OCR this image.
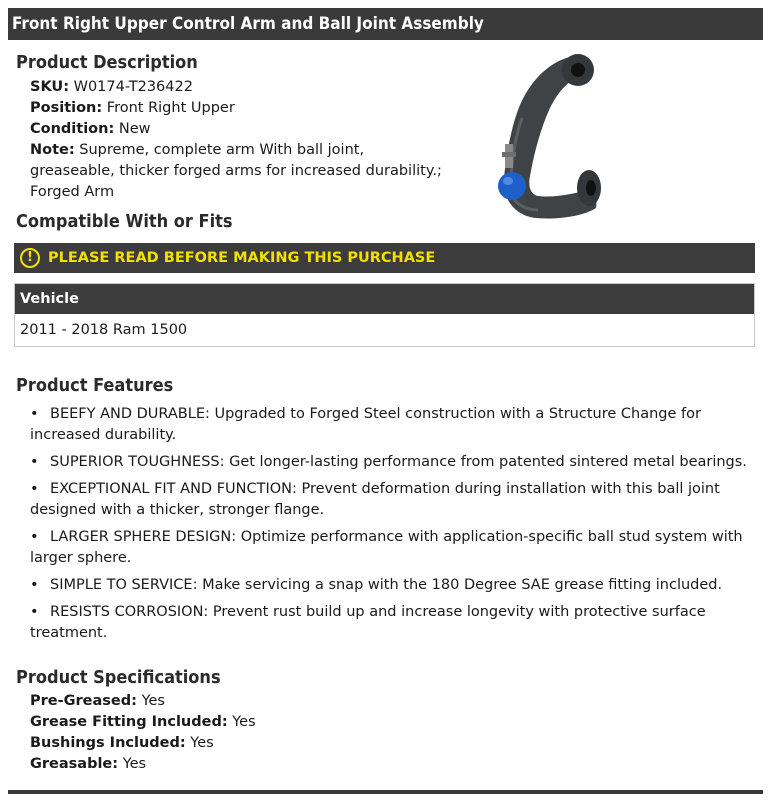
Front Right Upper Control Arm and Ball Joint Assembly
Product Description
SKU: W0174-T236422
Position: Front Right Upper
Condition: New
Note: Supreme, complete arm With ball joint, greaseable, thicker forged arms for increased durability.; Forged Arm
Compatible With or Fits
!	PLEASE READ BEFORE MAKING THIS PURCHASE
Vehicle
2011 - 2018 Ram 1500
Product Features
• BEEFY AND DURABLE: Upgraded to Forged Steel construction with a Structure Change for increased durability.
• SUPERIOR TOUGHNESS: Get longer-lasting performance from patented sintered metal bearings.
• EXCEPTIONAL FIT AND FUNCTION: Prevent deformation during installation with this ball joint designed with a thicker, stronger flange.
• LARGER SPHERE DESIGN: Optimize performance with application-specific ball stud system with larger sphere.
• SIMPLE TO SERVICE: Make servicing a snap with the 180 Degree SAE grease fitting included.
• RESISTS CORROSION: Prevent rust build up and increase longevity with protective surface treatment.
Product Specifications
Pre-Greased: Yes
Grease Fitting Included: Yes
Bushings Included: Yes
Greasable: Yes
